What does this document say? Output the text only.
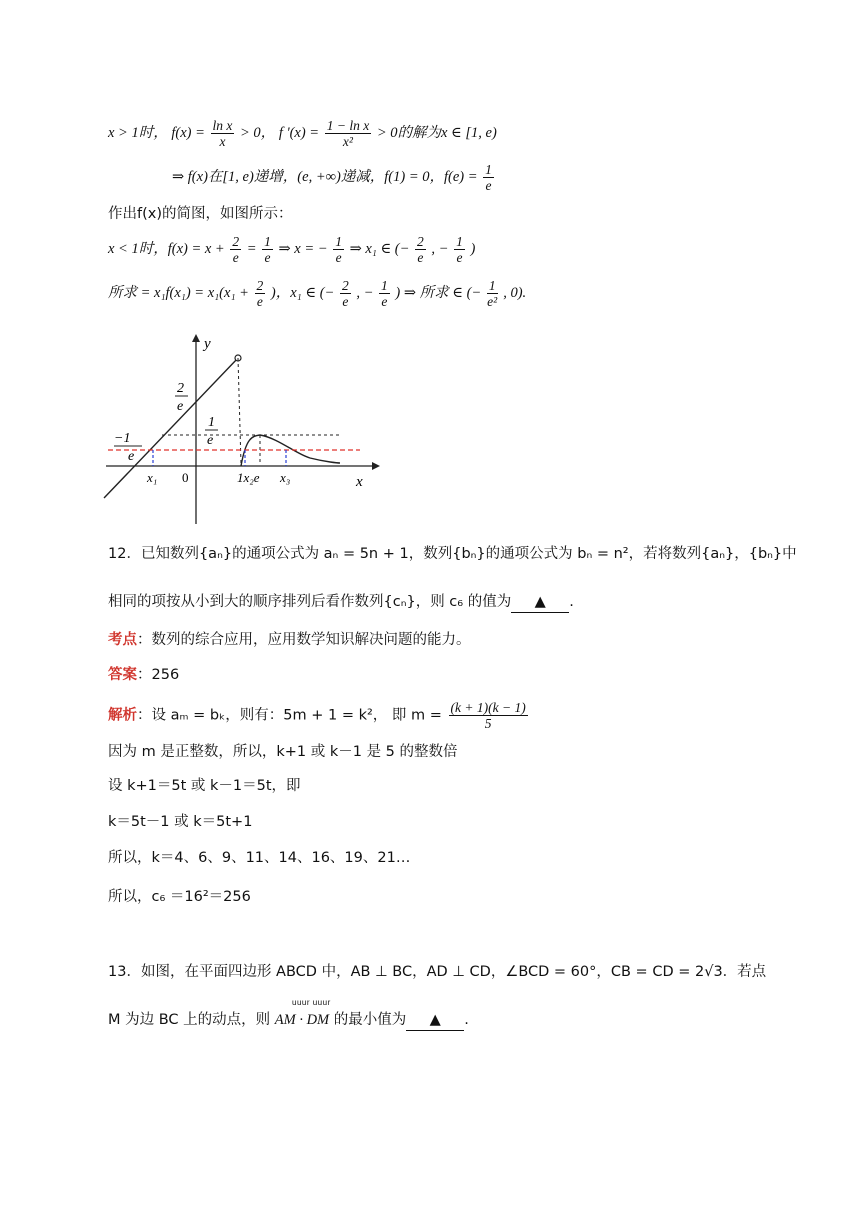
x > 1时， $f(x) = \frac{\text{ln x}}{x} > 0$， f '$(x) = \frac{\text{1 − ln x}}{\text{x²}} > 0$的解为x ∈ [1, e)
⇒ f(x)在[1, e)递增，(e, +∞)递减，f(1) = 0，$f(e) = \frac{1}{e}$
作出f(x)的简图，如图所示：
x < 1时，$f(x) = x + \frac{2}{e} = \frac{1}{e}$ ⇒ x = − $\frac{1}{e}$ ⇒ x₁ ∈ (− $\frac{2}{e}$ , − $\frac{1}{e}$ )
所求 = $x_1f(x_1) = x_1(x_1 + \frac{2}{e}$ )，x₁ ∈ (− $\frac{2}{e}$ , − $\frac{1}{e}$ ) ⇒ 所求 ∈ (− $\frac{1}{\text{e²}}$ , 0).
y
x
2
e
1
e
−1
e
x₁ 0	1x₂e x₃
12．已知数列{aₙ}的通项公式为 aₙ = 5n + 1，数列{bₙ}的通项公式为 bₙ = n²，若将数列{aₙ}，{bₙ}中
相同的项按从小到大的顺序排列后看作数列{cₙ}，则 c₆ 的值为 ▲ .
考点：数列的综合应用，应用数学知识解决问题的能力。
答案：256
解析：设 aₘ = bₖ，则有：5m + 1 = k²， 即 $m = \frac{(k + 1)(k - 1)}{5}$
因为 m 是正整数，所以，k+1 或 k－1 是 5 的整数倍
设 k+1＝5t 或 k－1＝5t，即
k＝5t－1 或 k＝5t+1
所以，k＝4、6、9、11、14、16、19、21…
所以，c₆ ＝16²＝256
13．如图，在平面四边形 ABCD 中，AB ⊥ BC，AD ⊥ CD，∠BCD = 60°，CB = CD = 2√3．若点
uuur uuur
M 为边 BC 上的动点，则 AM · DM 的最小值为 ▲ .
